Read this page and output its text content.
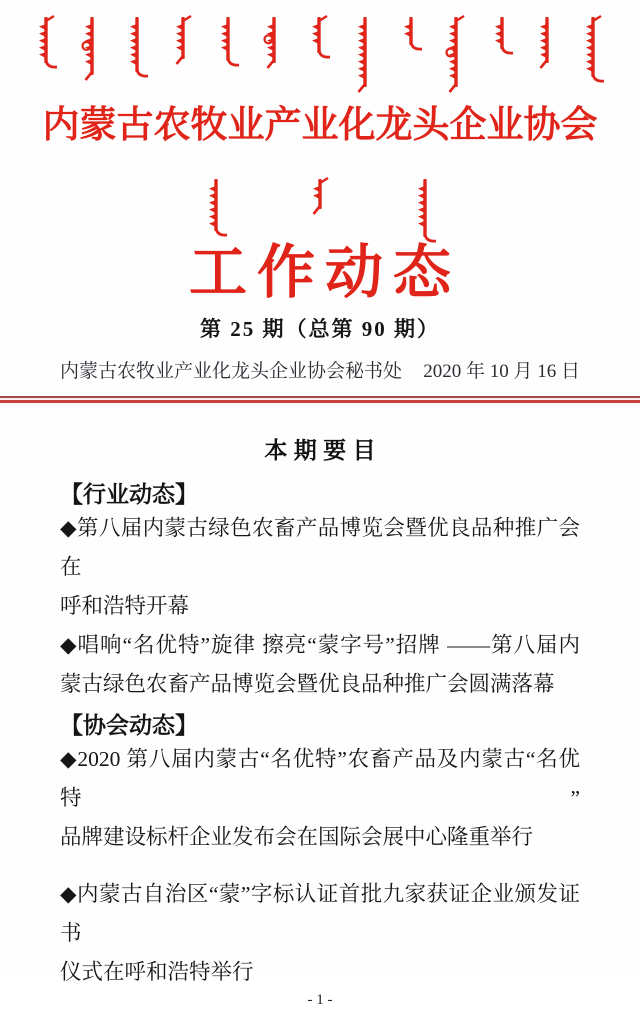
内蒙古农牧业产业化龙头企业协会
工作动态
第 25 期（总第 90 期）
内蒙古农牧业产业化龙头企业协会秘书处 2020 年 10 月 16 日
本 期 要 目
【行业动态】
◆第八届内蒙古绿色农畜产品博览会暨优良品种推广会在
呼和浩特开幕
◆唱响“名优特”旋律 擦亮“蒙字号”招牌 ——第八届内
蒙古绿色农畜产品博览会暨优良品种推广会圆满落幕
【协会动态】
◆2020 第八届内蒙古“名优特”农畜产品及内蒙古“名优特”
品牌建设标杆企业发布会在国际会展中心隆重举行
◆内蒙古自治区“蒙”字标认证首批九家获证企业颁发证书
仪式在呼和浩特举行
- 1 -
